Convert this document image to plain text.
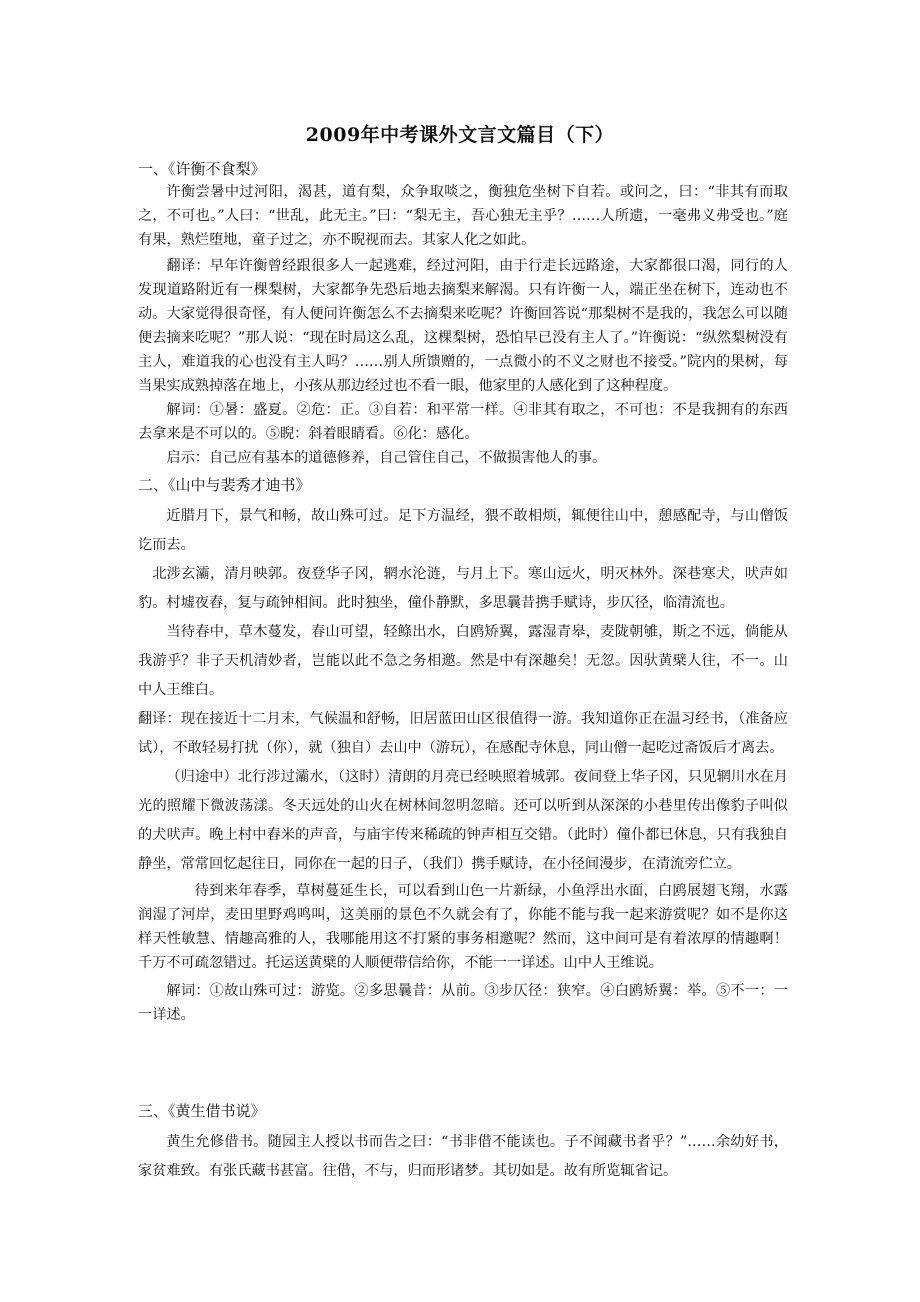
2009年中考课外文言文篇目（下）

一、《许衡不食梨》

许衡尝暑中过河阳，渴甚，道有梨，众争取啖之，衡独危坐树下自若。或问之，曰：“非其有而取之，不可也。”人曰：“世乱，此无主。”曰：“梨无主，吾心独无主乎？……人所遗，一毫弗义弗受也。”庭有果，熟烂堕地，童子过之，亦不睨视而去。其家人化之如此。

翻译：早年许衡曾经跟很多人一起逃难，经过河阳，由于行走长远路途，大家都很口渴，同行的人发现道路附近有一棵梨树，大家都争先恐后地去摘梨来解渴。只有许衡一人，端正坐在树下，连动也不动。大家觉得很奇怪，有人便问许衡怎么不去摘梨来吃呢？许衡回答说“那梨树不是我的，我怎么可以随便去摘来吃呢？”那人说：“现在时局这么乱，这棵梨树，恐怕早已没有主人了。”许衡说：“纵然梨树没有主人，难道我的心也没有主人吗？……别人所馈赠的，一点微小的不义之财也不接受。”院内的果树，每当果实成熟掉落在地上，小孩从那边经过也不看一眼，他家里的人感化到了这种程度。

解词：①暑：盛夏。②危：正。③自若：和平常一样。④非其有取之，不可也：不是我拥有的东西去拿来是不可以的。⑤睨：斜着眼睛看。⑥化：感化。

启示：自己应有基本的道德修养，自己管住自己，不做损害他人的事。

二、《山中与裴秀才迪书》

近腊月下，景气和畅，故山殊可过。足下方温经，猥不敢相烦，辄便往山中，憩感配寺，与山僧饭讫而去。

北涉玄灞，清月映郭。夜登华子冈，辋水沦涟，与月上下。寒山远火，明灭林外。深巷寒犬，吠声如豹。村墟夜舂，复与疏钟相间。此时独坐，僮仆静默，多思曩昔携手赋诗，步仄径，临清流也。

当待春中，草木蔓发，春山可望，轻鲦出水，白鸥矫翼，露湿青皋，麦陇朝雊，斯之不远，倘能从我游乎？非子天机清妙者，岂能以此不急之务相邀。然是中有深趣矣！无忽。因驮黄檗人往，不一。山中人王维白。

翻译：现在接近十二月末，气候温和舒畅，旧居蓝田山区很值得一游。我知道你正在温习经书，（准备应试），不敢轻易打扰（你），就（独自）去山中（游玩），在感配寺休息，同山僧一起吃过斋饭后才离去。

（归途中）北行涉过灞水，（这时）清朗的月亮已经映照着城郭。夜间登上华子冈，只见辋川水在月光的照耀下微波荡漾。冬天远处的山火在树林间忽明忽暗。还可以听到从深深的小巷里传出像豹子叫似的犬吠声。晚上村中舂米的声音，与庙宇传来稀疏的钟声相互交错。（此时）僮仆都已休息，只有我独自静坐，常常回忆起往日，同你在一起的日子，（我们）携手赋诗，在小径间漫步，在清流旁伫立。

待到来年春季，草树蔓延生长，可以看到山色一片新绿，小鱼浮出水面，白鸥展翅飞翔，水露润湿了河岸，麦田里野鸡鸣叫，这美丽的景色不久就会有了，你能不能与我一起来游赏呢？如不是你这样天性敏慧、情趣高雅的人，我哪能用这不打紧的事务相邀呢？然而，这中间可是有着浓厚的情趣啊！千万不可疏忽错过。托运送黄檗的人顺便带信给你，不能一一详述。山中人王维说。

解词：①故山殊可过：游览。②多思曩昔：从前。③步仄径：狭窄。④白鸥矫翼：举。⑤不一：一一详述。

三、《黄生借书说》

黄生允修借书。随园主人授以书而告之曰：“书非借不能读也。子不闻藏书者乎？”……余幼好书，家贫难致。有张氏藏书甚富。往借，不与，归而形诸梦。其切如是。故有所览辄省记。
